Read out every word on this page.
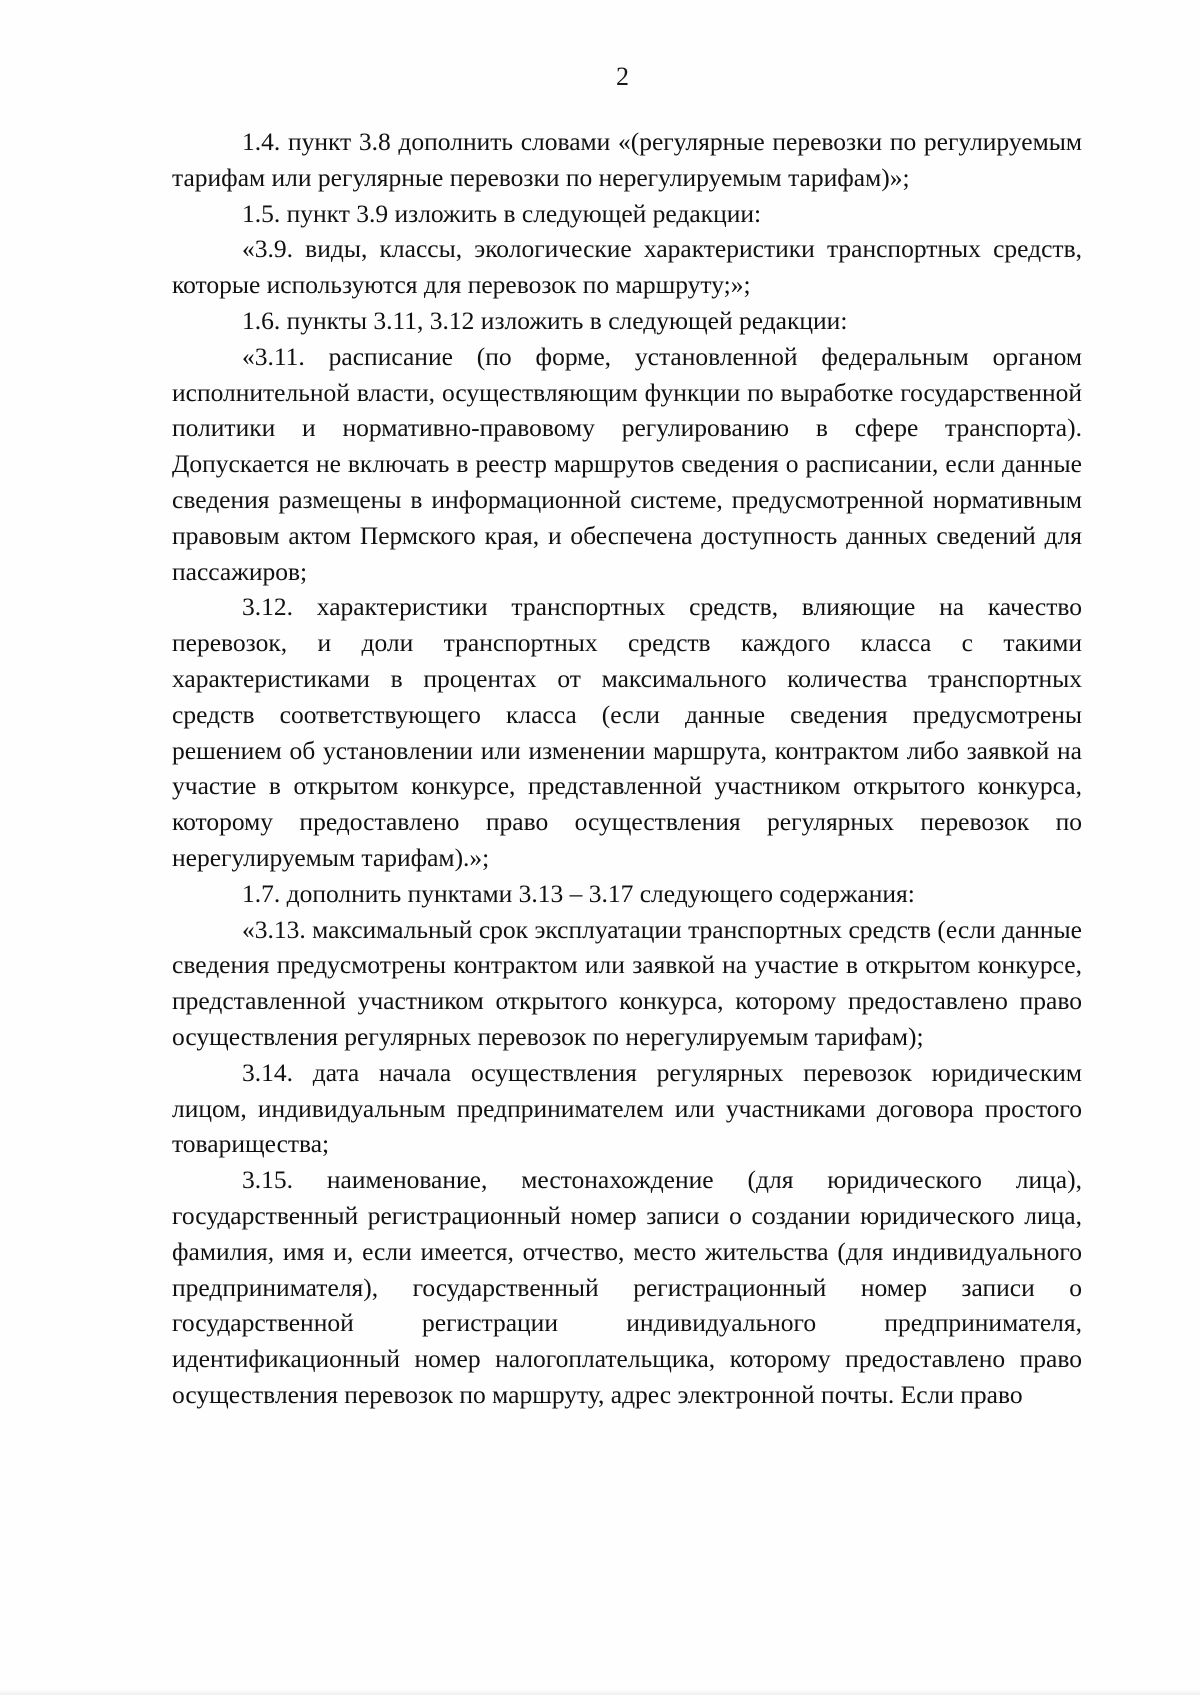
2

1.4. пункт 3.8 дополнить словами «(регулярные перевозки по регулируемым тарифам или регулярные перевозки по нерегулируемым тарифам)»;

1.5. пункт 3.9 изложить в следующей редакции:

«3.9. виды, классы, экологические характеристики транспортных средств, которые используются для перевозок по маршруту;»;

1.6. пункты 3.11, 3.12 изложить в следующей редакции:

«3.11. расписание (по форме, установленной федеральным органом исполнительной власти, осуществляющим функции по выработке государственной политики и нормативно-правовому регулированию в сфере транспорта). Допускается не включать в реестр маршрутов сведения о расписании, если данные сведения размещены в информационной системе, предусмотренной нормативным правовым актом Пермского края, и обеспечена доступность данных сведений для пассажиров;

3.12. характеристики транспортных средств, влияющие на качество перевозок, и доли транспортных средств каждого класса с такими характеристиками в процентах от максимального количества транспортных средств соответствующего класса (если данные сведения предусмотрены решением об установлении или изменении маршрута, контрактом либо заявкой на участие в открытом конкурсе, представленной участником открытого конкурса, которому предоставлено право осуществления регулярных перевозок по нерегулируемым тарифам).»;

1.7. дополнить пунктами 3.13 – 3.17 следующего содержания:

«3.13. максимальный срок эксплуатации транспортных средств (если данные сведения предусмотрены контрактом или заявкой на участие в открытом конкурсе, представленной участником открытого конкурса, которому предоставлено право осуществления регулярных перевозок по нерегулируемым тарифам);

3.14. дата начала осуществления регулярных перевозок юридическим лицом, индивидуальным предпринимателем или участниками договора простого товарищества;

3.15. наименование, местонахождение (для юридического лица), государственный регистрационный номер записи о создании юридического лица, фамилия, имя и, если имеется, отчество, место жительства (для индивидуального предпринимателя), государственный регистрационный номер записи о государственной регистрации индивидуального предпринимателя, идентификационный номер налогоплательщика, которому предоставлено право осуществления перевозок по маршруту, адрес электронной почты. Если право
